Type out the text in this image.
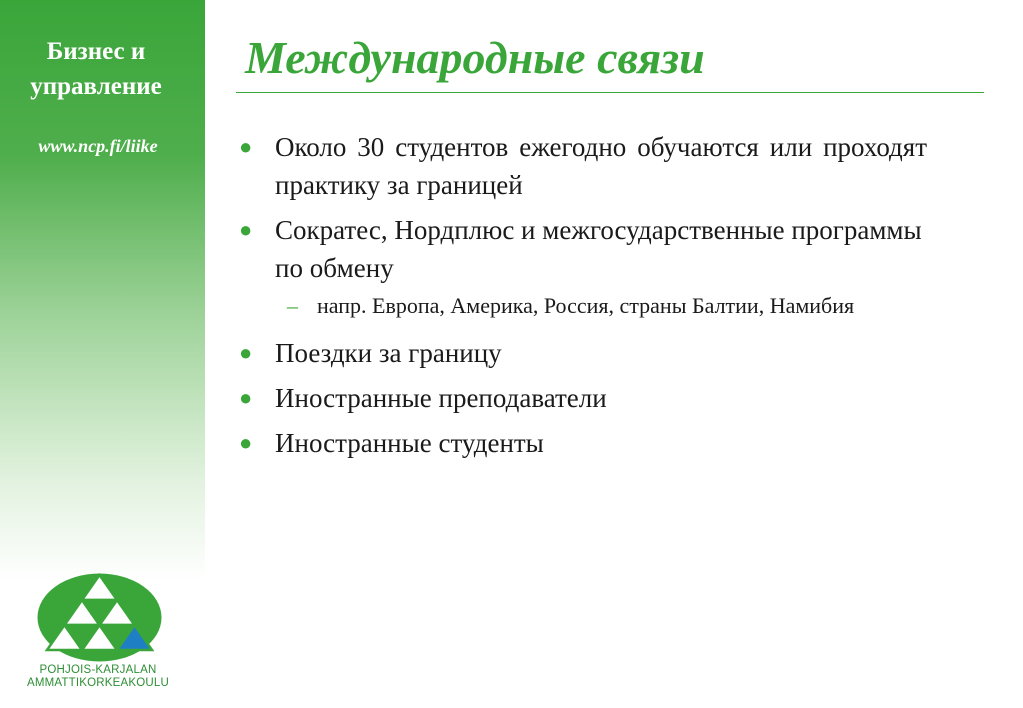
Бизнес и
управление
www.ncp.fi/liike
POHJOIS-KARJALAN
AMMATTIKORKEAKOULU
Международные связи
● Около 30 студентов ежегодно обучаются или проходят практику за границей
● Сократес, Нордплюс и межгосударственные программы по обмену
– напр. Европа, Америка, Россия, страны Балтии, Намибия
● Поездки за границу
● Иностранные преподаватели
● Иностранные студенты
